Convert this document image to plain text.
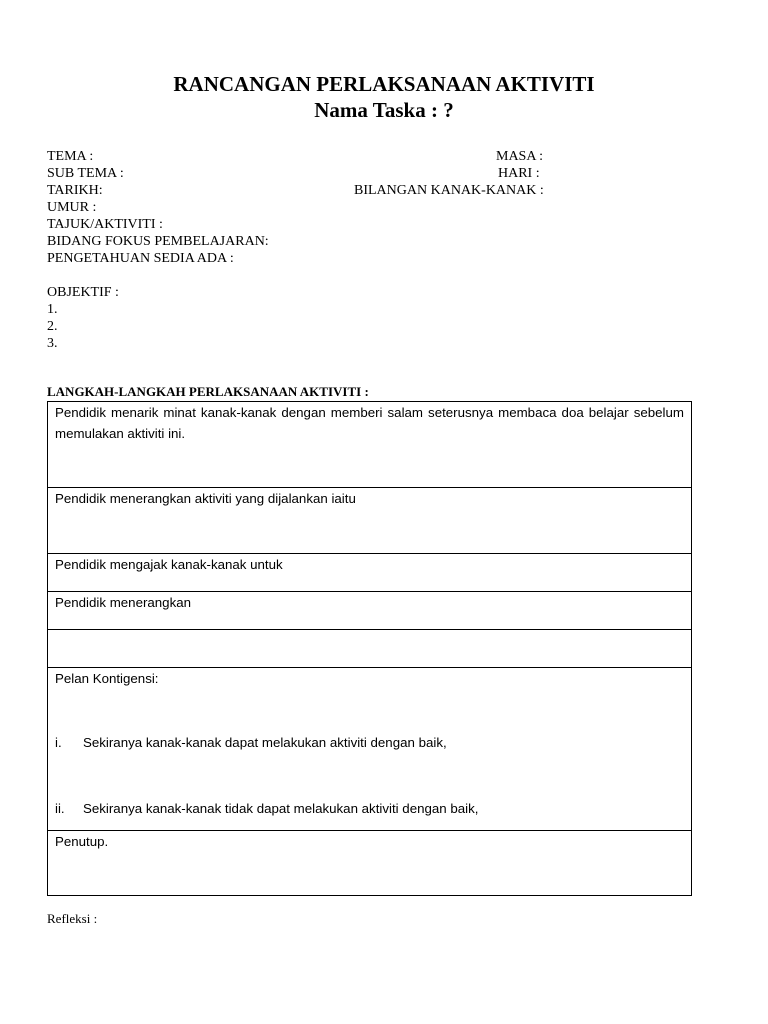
RANCANGAN PERLAKSANAAN AKTIVITI
Nama Taska : ?
TEMA :	MASA :
SUB TEMA :	HARI :
TARIKH:	BILANGAN KANAK-KANAK :
UMUR :
TAJUK/AKTIVITI :
BIDANG FOKUS PEMBELAJARAN:
PENGETAHUAN SEDIA ADA :
OBJEKTIF :
1.
2.
3.
LANGKAH-LANGKAH PERLAKSANAAN AKTIVITI :
Pendidik menarik minat kanak-kanak dengan memberi salam seterusnya membaca doa belajar sebelum memulakan aktiviti ini.

Pendidik menerangkan aktiviti yang dijalankan iaitu

Pendidik mengajak kanak-kanak untuk

Pendidik menerangkan

Pelan Kontigensi:
i.	Sekiranya kanak-kanak dapat melakukan aktiviti dengan baik,
ii.	Sekiranya kanak-kanak tidak dapat melakukan aktiviti dengan baik,

Penutup.
Refleksi :
